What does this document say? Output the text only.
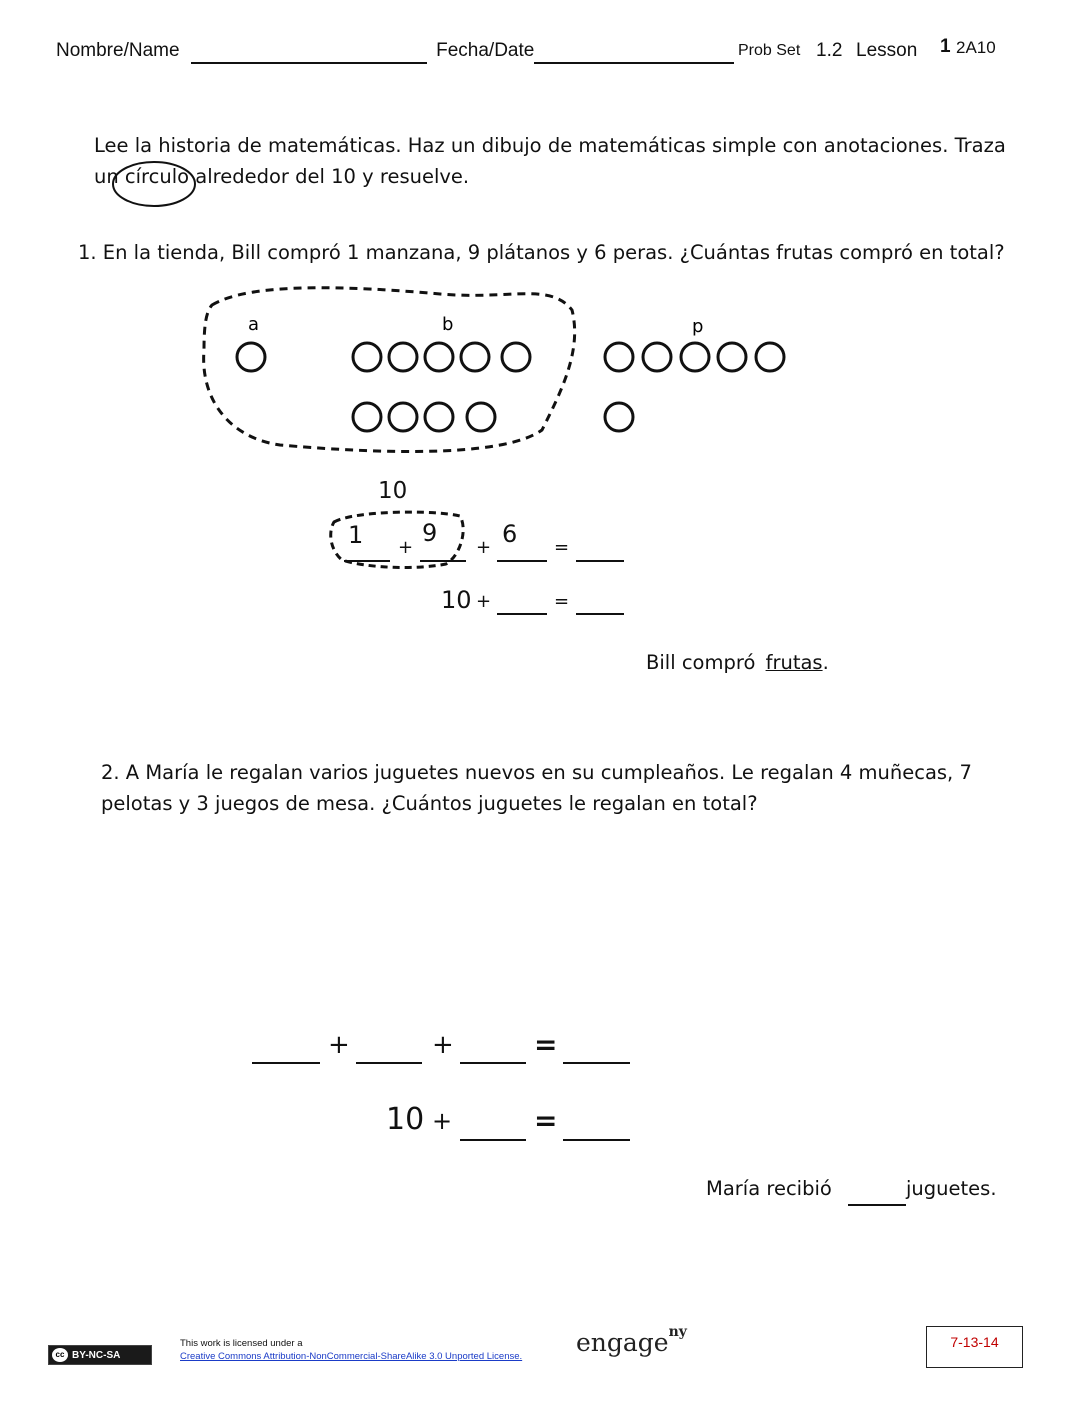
Nombre/Name	Fecha/Date	Prob Set 1.2 Lesson 1 2A10
Lee la historia de matemáticas. Haz un dibujo de matemáticas simple con anotaciones. Traza
un círculo alrededor del 10 y resuelve.
1. En la tienda, Bill compró 1 manzana, 9 plátanos y 6 peras. ¿Cuántas frutas compró en total?
a	b	p
10
1 9	6
+	+	=
10 +	=
Bill compró frutas.
2. A María le regalan varios juguetes nuevos en su cumpleaños. Le regalan 4 muñecas, 7
pelotas y 3 juegos de mesa. ¿Cuántos juguetes le regalan en total?
+	+	=
10 +	=
María recibió	juguetes.
cc BY-NC-SA
This work is licensed under a
Creative Commons Attribution-NonCommercial-ShareAlike 3.0 Unported License. engage$^{ny}$
7-13-14
